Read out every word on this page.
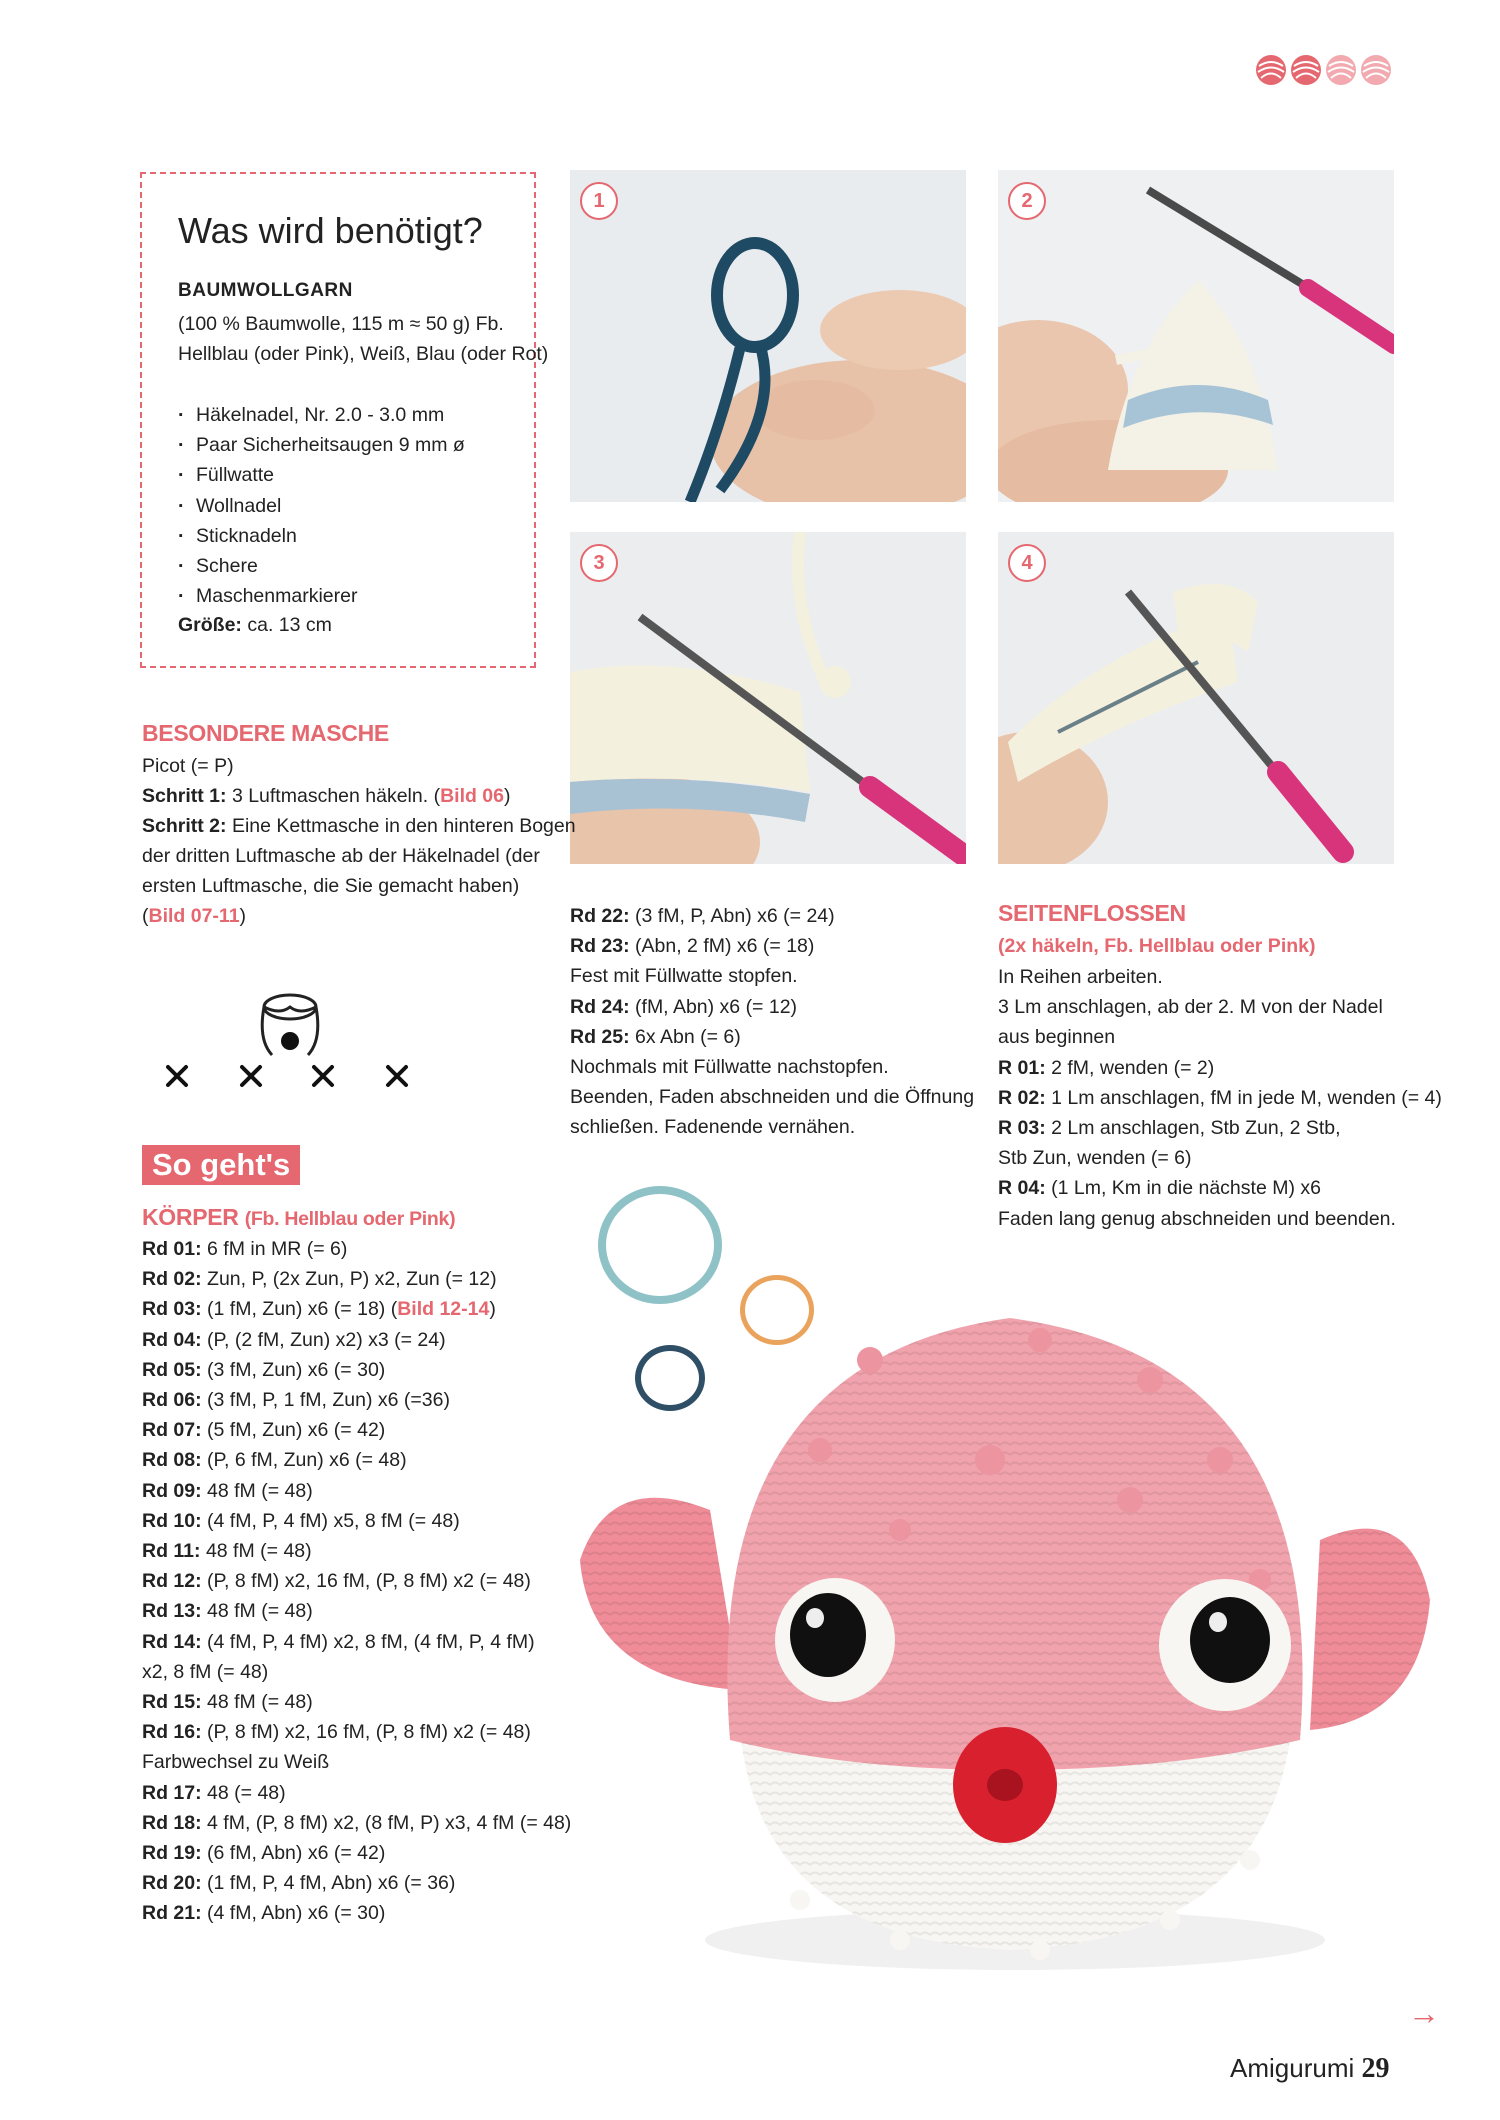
Was wird benötigt?
BAUMWOLLGARN
(100 % Baumwolle, 115 m ≈ 50 g) Fb.
Hellblau (oder Pink), Weiß, Blau (oder Rot)
· Häkelnadel, Nr. 2.0 - 3.0 mm
· Paar Sicherheitsaugen 9 mm ø
· Füllwatte
· Wollnadel
· Sticknadeln
· Schere
· Maschenmarkierer
Größe: ca. 13 cm
1	2
3	4
BESONDERE MASCHE
Picot (= P)
Schritt 1: 3 Luftmaschen häkeln. (Bild 06)
Schritt 2: Eine Kettmasche in den hinteren Bogen
der dritten Luftmasche ab der Häkelnadel (der
ersten Luftmasche, die Sie gemacht haben)
(Bild 07-11)
So geht's
KÖRPER (Fb. Hellblau oder Pink)
Rd 01: 6 fM in MR (= 6)
Rd 02: Zun, P, (2x Zun, P) x2, Zun (= 12)
Rd 03: (1 fM, Zun) x6 (= 18) (Bild 12-14)
Rd 04: (P, (2 fM, Zun) x2) x3 (= 24)
Rd 05: (3 fM, Zun) x6 (= 30)
Rd 06: (3 fM, P, 1 fM, Zun) x6 (=36)
Rd 07: (5 fM, Zun) x6 (= 42)
Rd 08: (P, 6 fM, Zun) x6 (= 48)
Rd 09: 48 fM (= 48)
Rd 10: (4 fM, P, 4 fM) x5, 8 fM (= 48)
Rd 11: 48 fM (= 48)
Rd 12: (P, 8 fM) x2, 16 fM, (P, 8 fM) x2 (= 48)
Rd 13: 48 fM (= 48)
Rd 14: (4 fM, P, 4 fM) x2, 8 fM, (4 fM, P, 4 fM)
x2, 8 fM (= 48)
Rd 15: 48 fM (= 48)
Rd 16: (P, 8 fM) x2, 16 fM, (P, 8 fM) x2 (= 48)
Farbwechsel zu Weiß
Rd 17: 48 (= 48)
Rd 18: 4 fM, (P, 8 fM) x2, (8 fM, P) x3, 4 fM (= 48)
Rd 19: (6 fM, Abn) x6 (= 42)
Rd 20: (1 fM, P, 4 fM, Abn) x6 (= 36)
Rd 21: (4 fM, Abn) x6 (= 30)
Rd 22: (3 fM, P, Abn) x6 (= 24)
Rd 23: (Abn, 2 fM) x6 (= 18)
Fest mit Füllwatte stopfen.
Rd 24: (fM, Abn) x6 (= 12)
Rd 25: 6x Abn (= 6)
Nochmals mit Füllwatte nachstopfen.
Beenden, Faden abschneiden und die Öffnung
schließen. Fadenende vernähen.
SEITENFLOSSEN
(2x häkeln, Fb. Hellblau oder Pink)
In Reihen arbeiten.
3 Lm anschlagen, ab der 2. M von der Nadel
aus beginnen
R 01: 2 fM, wenden (= 2)
R 02: 1 Lm anschlagen, fM in jede M, wenden (= 4)
R 03: 2 Lm anschlagen, Stb Zun, 2 Stb,
Stb Zun, wenden (= 6)
R 04: (1 Lm, Km in die nächste M) x6
Faden lang genug abschneiden und beenden.
→
Amigurumi 29
